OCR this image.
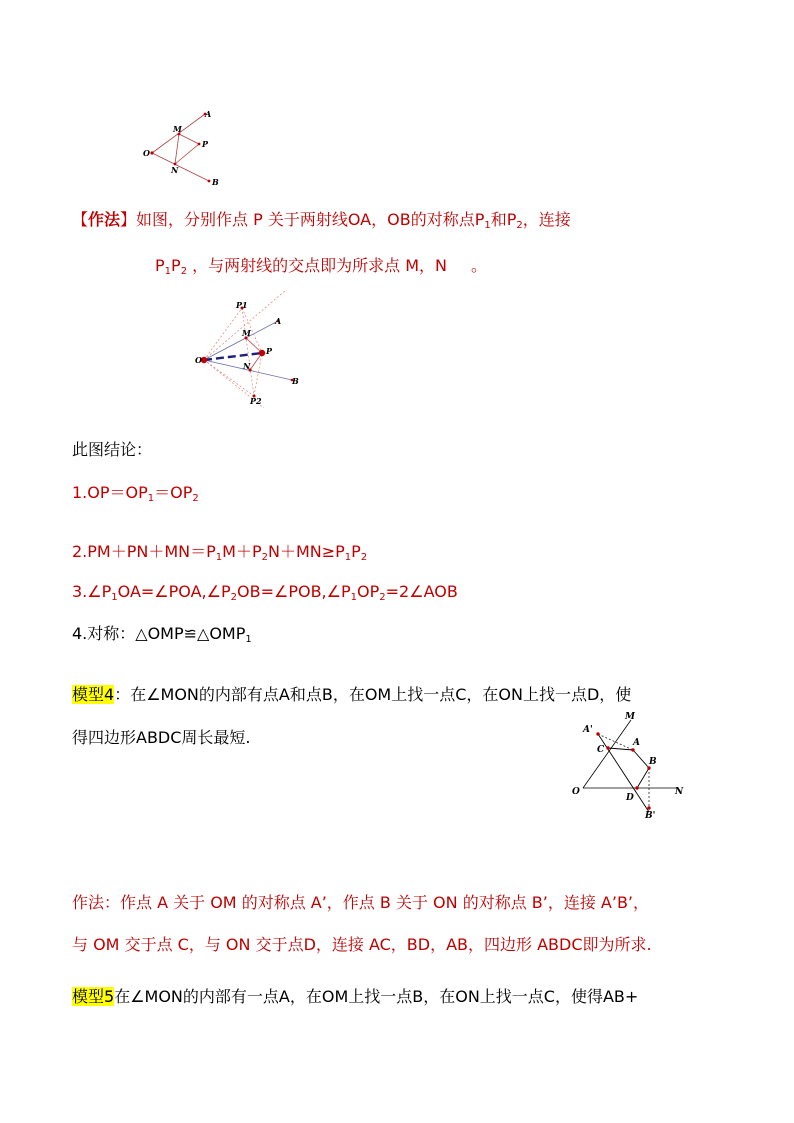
A
M
P
O
N
B
【作法】如图，分别作点 P 关于两射线OA，OB的对称点$P_1$和$P_2$，连接
$P_1P_2$ ，与两射线的交点即为所求点 M，N 。
P1
A
M
P
O
N
B
P2
此图结论：
$1.OP=OP_1=OP_2$
$2.PM+PN+MN=P_1M+P_2N+MN\ge P_1P_2$
$3.\angle P_1OA=\angle POA,\angle P_2OB=\angle POB,\angle P_1OP_2=2\angle AOB$
4.对称：$\triangle OMP≌\triangle OMP_1$
模型4：在∠MON的内部有点A和点B，在OM上找一点C，在ON上找一点D，使
得四边形ABDC周长最短.	A'
M
C
A
B
O
D
N
B'
作法：作点 A 关于 OM 的对称点 A’，作点 B 关于 ON 的对称点 B’，连接 A’B’，
与 OM 交于点 C，与 ON 交于点D，连接 AC，BD，AB，四边形 ABDC即为所求.
模型5在∠MON的内部有一点A，在OM上找一点B，在ON上找一点C，使得AB+
